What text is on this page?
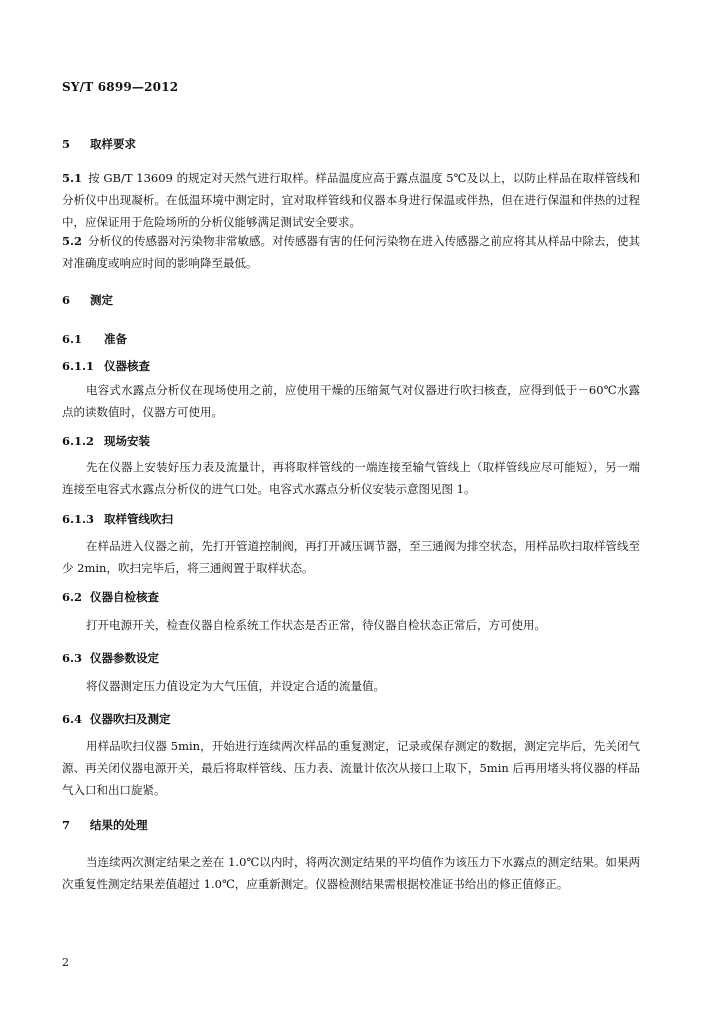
SY/T 6899—2012
5 取样要求
5.1 按 GB/T 13609 的规定对天然气进行取样。样品温度应高于露点温度 5℃及以上，以防止样品在取样管线和分析仪中出现凝析。在低温环境中测定时，宜对取样管线和仪器本身进行保温或伴热，但在进行保温和伴热的过程中，应保证用于危险场所的分析仪能够满足测试安全要求。
5.2 分析仪的传感器对污染物非常敏感。对传感器有害的任何污染物在进入传感器之前应将其从样品中除去，使其对准确度或响应时间的影响降至最低。
6 测定
6.1 准备
6.1.1 仪器核查
电容式水露点分析仪在现场使用之前，应使用干燥的压缩氮气对仪器进行吹扫核查，应得到低于－60℃水露点的读数值时，仪器方可使用。
6.1.2 现场安装
先在仪器上安装好压力表及流量计，再将取样管线的一端连接至输气管线上（取样管线应尽可能短），另一端连接至电容式水露点分析仪的进气口处。电容式水露点分析仪安装示意图见图 1。
6.1.3 取样管线吹扫
在样品进入仪器之前，先打开管道控制阀，再打开减压调节器，至三通阀为排空状态，用样品吹扫取样管线至少 2min，吹扫完毕后，将三通阀置于取样状态。
6.2 仪器自检核查
打开电源开关，检查仪器自检系统工作状态是否正常，待仪器自检状态正常后，方可使用。
6.3 仪器参数设定
将仪器测定压力值设定为大气压值，并设定合适的流量值。
6.4 仪器吹扫及测定
用样品吹扫仪器 5min，开始进行连续两次样品的重复测定，记录或保存测定的数据，测定完毕后，先关闭气源、再关闭仪器电源开关，最后将取样管线、压力表、流量计依次从接口上取下，5min 后再用堵头将仪器的样品气入口和出口旋紧。
7 结果的处理
当连续两次测定结果之差在 1.0℃以内时，将两次测定结果的平均值作为该压力下水露点的测定结果。如果两次重复性测定结果差值超过 1.0℃，应重新测定。仪器检测结果需根据校准证书给出的修正值修正。
2
